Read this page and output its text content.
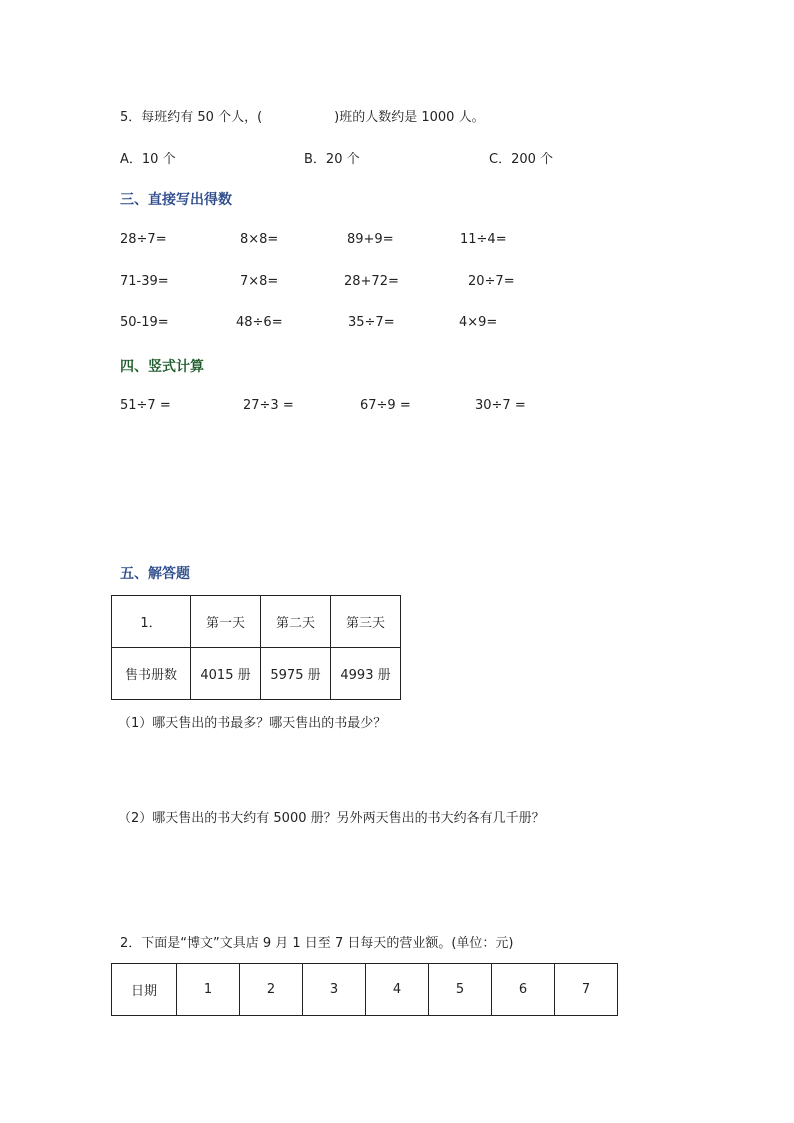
5．每班约有 50 个人，(	)班的人数约是 1000 人。
A．10 个	B．20 个	C．200 个
三、直接写出得数
28÷7=	8×8=	89+9=	11÷4=
71-39=	7×8=	28+72=	20÷7=
50-19=	48÷6=	35÷7=	4×9=
四、竖式计算
51÷7 =	27÷3 =	67÷9 =	30÷7 =
五、解答题
1．	第一天	第二天	第三天
售书册数	4015 册	5975 册	4993 册
（1）哪天售出的书最多？哪天售出的书最少？
（2）哪天售出的书大约有 5000 册？另外两天售出的书大约各有几千册？
2．下面是“博文”文具店 9 月 1 日至 7 日每天的营业额。(单位：元)
日期	1	2	3	4	5	6	7
